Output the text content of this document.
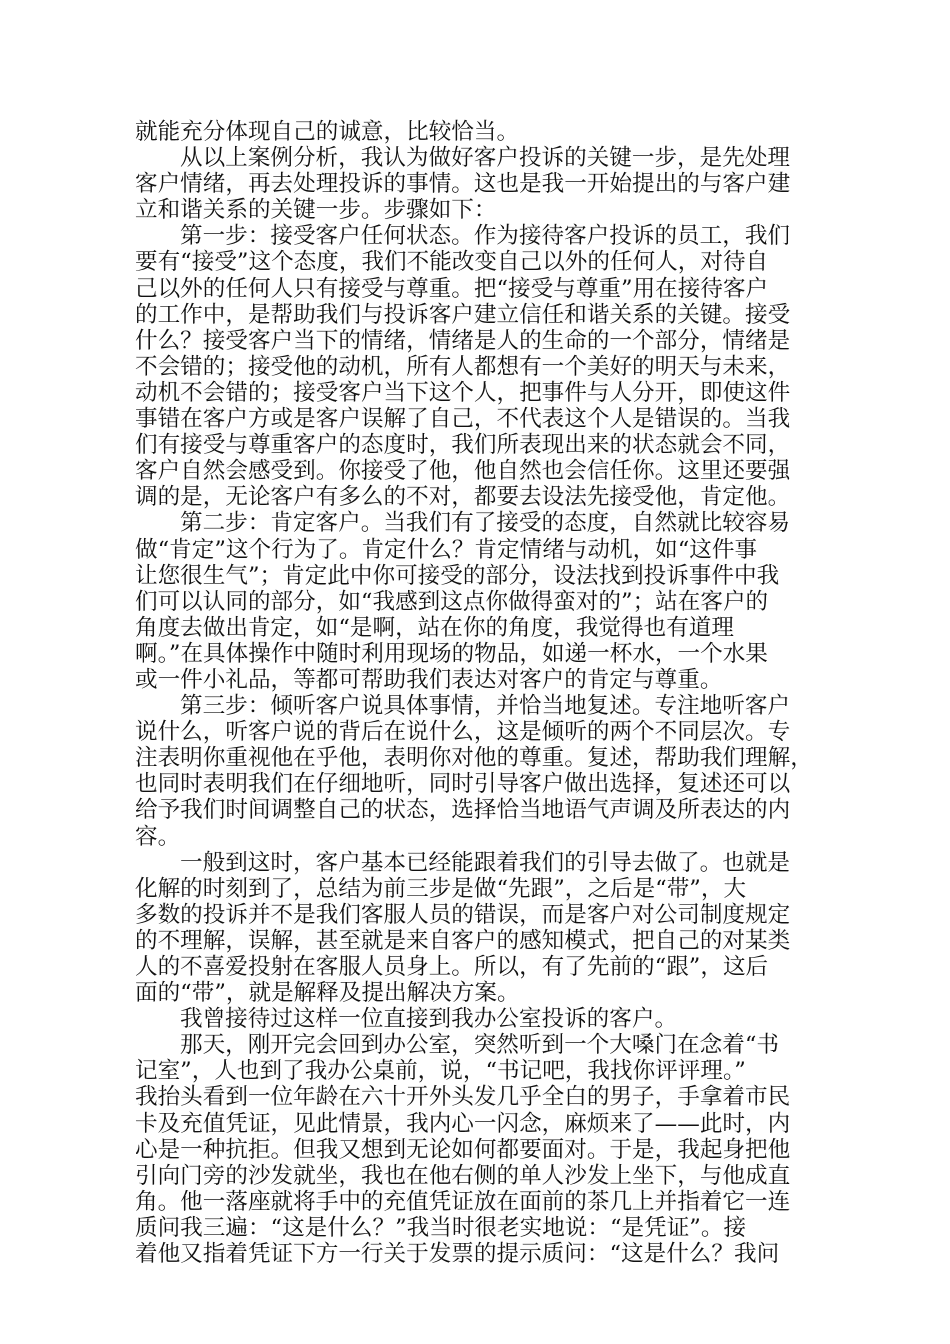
就能充分体现自己的诚意，比较恰当。
从以上案例分析，我认为做好客户投诉的关键一步，是先处理
客户情绪，再去处理投诉的事情。这也是我一开始提出的与客户建
立和谐关系的关键一步。步骤如下：
第一步：接受客户任何状态。作为接待客户投诉的员工，我们
要有“接受”这个态度，我们不能改变自己以外的任何人，对待自
己以外的任何人只有接受与尊重。把“接受与尊重”用在接待客户
的工作中，是帮助我们与投诉客户建立信任和谐关系的关键。接受
什么？接受客户当下的情绪，情绪是人的生命的一个部分，情绪是
不会错的；接受他的动机，所有人都想有一个美好的明天与未来，
动机不会错的；接受客户当下这个人，把事件与人分开，即使这件
事错在客户方或是客户误解了自己，不代表这个人是错误的。当我
们有接受与尊重客户的态度时，我们所表现出来的状态就会不同，
客户自然会感受到。你接受了他，他自然也会信任你。这里还要强
调的是，无论客户有多么的不对，都要去设法先接受他，肯定他。
第二步：肯定客户。当我们有了接受的态度，自然就比较容易
做“肯定”这个行为了。肯定什么？肯定情绪与动机，如“这件事
让您很生气”；肯定此中你可接受的部分，设法找到投诉事件中我
们可以认同的部分，如“我感到这点你做得蛮对的”；站在客户的
角度去做出肯定，如“是啊，站在你的角度，我觉得也有道理
啊。”在具体操作中随时利用现场的物品，如递一杯水，一个水果
或一件小礼品，等都可帮助我们表达对客户的肯定与尊重。
第三步：倾听客户说具体事情，并恰当地复述。专注地听客户
说什么，听客户说的背后在说什么，这是倾听的两个不同层次。专
注表明你重视他在乎他，表明你对他的尊重。复述，帮助我们理解，
也同时表明我们在仔细地听，同时引导客户做出选择，复述还可以
给予我们时间调整自己的状态，选择恰当地语气声调及所表达的内
容。
一般到这时，客户基本已经能跟着我们的引导去做了。也就是
化解的时刻到了，总结为前三步是做“先跟”，之后是“带”，大
多数的投诉并不是我们客服人员的错误，而是客户对公司制度规定
的不理解，误解，甚至就是来自客户的感知模式，把自己的对某类
人的不喜爱投射在客服人员身上。所以，有了先前的“跟”，这后
面的“带”，就是解释及提出解决方案。
我曾接待过这样一位直接到我办公室投诉的客户。
那天，刚开完会回到办公室，突然听到一个大嗓门在念着“书
记室”，人也到了我办公桌前，说，“书记吧，我找你评评理。”
我抬头看到一位年龄在六十开外头发几乎全白的男子，手拿着市民
卡及充值凭证，见此情景，我内心一闪念，麻烦来了——此时，内
心是一种抗拒。但我又想到无论如何都要面对。于是，我起身把他
引向门旁的沙发就坐，我也在他右侧的单人沙发上坐下，与他成直
角。他一落座就将手中的充值凭证放在面前的茶几上并指着它一连
质问我三遍：“这是什么？”我当时很老实地说：“是凭证”。接
着他又指着凭证下方一行关于发票的提示质问：“这是什么？我问
